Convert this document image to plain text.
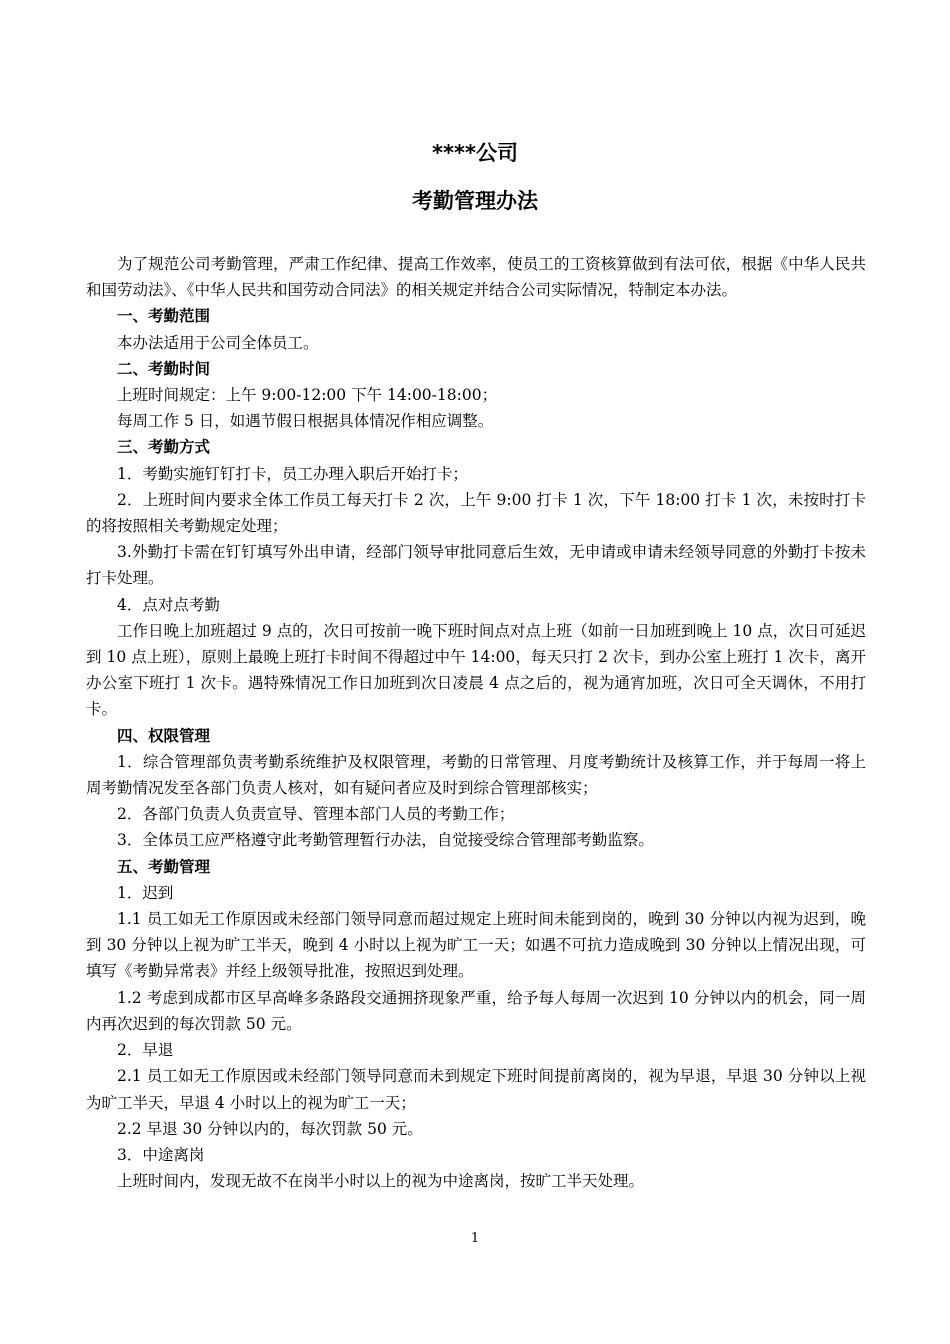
****公司
考勤管理办法

为了规范公司考勤管理，严肃工作纪律、提高工作效率，使员工的工资核算做到有法可依，根据《中华人民共和国劳动法》、《中华人民共和国劳动合同法》的相关规定并结合公司实际情况，特制定本办法。

一、考勤范围

本办法适用于公司全体员工。

二、考勤时间

上班时间规定：上午 9:00-12:00 下午 14:00-18:00；

每周工作 5 日，如遇节假日根据具体情况作相应调整。

三、考勤方式

1．考勤实施钉钉打卡，员工办理入职后开始打卡；

2．上班时间内要求全体工作员工每天打卡 2 次，上午 9:00 打卡 1 次，下午 18:00 打卡 1 次，未按时打卡的将按照相关考勤规定处理；

3.外勤打卡需在钉钉填写外出申请，经部门领导审批同意后生效，无申请或申请未经领导同意的外勤打卡按未打卡处理。

4．点对点考勤

工作日晚上加班超过 9 点的，次日可按前一晚下班时间点对点上班（如前一日加班到晚上 10 点，次日可延迟到 10 点上班），原则上最晚上班打卡时间不得超过中午 14:00，每天只打 2 次卡，到办公室上班打 1 次卡，离开办公室下班打 1 次卡。遇特殊情况工作日加班到次日凌晨 4 点之后的，视为通宵加班，次日可全天调休，不用打卡。

四、权限管理

1．综合管理部负责考勤系统维护及权限管理，考勤的日常管理、月度考勤统计及核算工作，并于每周一将上周考勤情况发至各部门负责人核对，如有疑问者应及时到综合管理部核实；

2．各部门负责人负责宣导、管理本部门人员的考勤工作；

3．全体员工应严格遵守此考勤管理暂行办法，自觉接受综合管理部考勤监察。

五、考勤管理

1．迟到

1.1 员工如无工作原因或未经部门领导同意而超过规定上班时间未能到岗的，晚到 30 分钟以内视为迟到，晚到 30 分钟以上视为旷工半天，晚到 4 小时以上视为旷工一天；如遇不可抗力造成晚到 30 分钟以上情况出现，可填写《考勤异常表》并经上级领导批准，按照迟到处理。

1.2 考虑到成都市区早高峰多条路段交通拥挤现象严重，给予每人每周一次迟到 10 分钟以内的机会，同一周内再次迟到的每次罚款 50 元。

2．早退

2.1 员工如无工作原因或未经部门领导同意而未到规定下班时间提前离岗的，视为早退，早退 30 分钟以上视为旷工半天，早退 4 小时以上的视为旷工一天；

2.2 早退 30 分钟以内的，每次罚款 50 元。

3．中途离岗

上班时间内，发现无故不在岗半小时以上的视为中途离岗，按旷工半天处理。

1
